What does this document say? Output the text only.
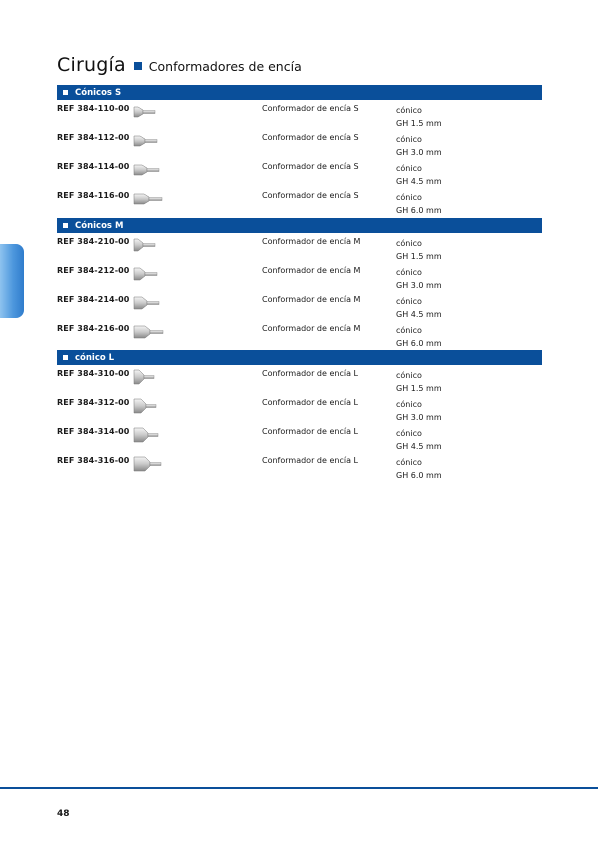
Cirugía Conformadores de encía
Cónicos S
REF 384-110-00	Conformador de encía S	cónico
GH 1.5 mm
REF 384-112-00	Conformador de encía S	cónico
GH 3.0 mm
REF 384-114-00	Conformador de encía S	cónico
GH 4.5 mm
REF 384-116-00	Conformador de encía S	cónico
GH 6.0 mm
Cónicos M
REF 384-210-00	Conformador de encía M	cónico
GH 1.5 mm
REF 384-212-00	Conformador de encía M	cónico
GH 3.0 mm
REF 384-214-00	Conformador de encía M	cónico
GH 4.5 mm
REF 384-216-00	Conformador de encía M	cónico
GH 6.0 mm
cónico L
REF 384-310-00	Conformador de encía L	cónico
GH 1.5 mm
REF 384-312-00	Conformador de encía L	cónico
GH 3.0 mm
REF 384-314-00	Conformador de encía L	cónico
GH 4.5 mm
REF 384-316-00	Conformador de encía L	cónico
GH 6.0 mm
48
